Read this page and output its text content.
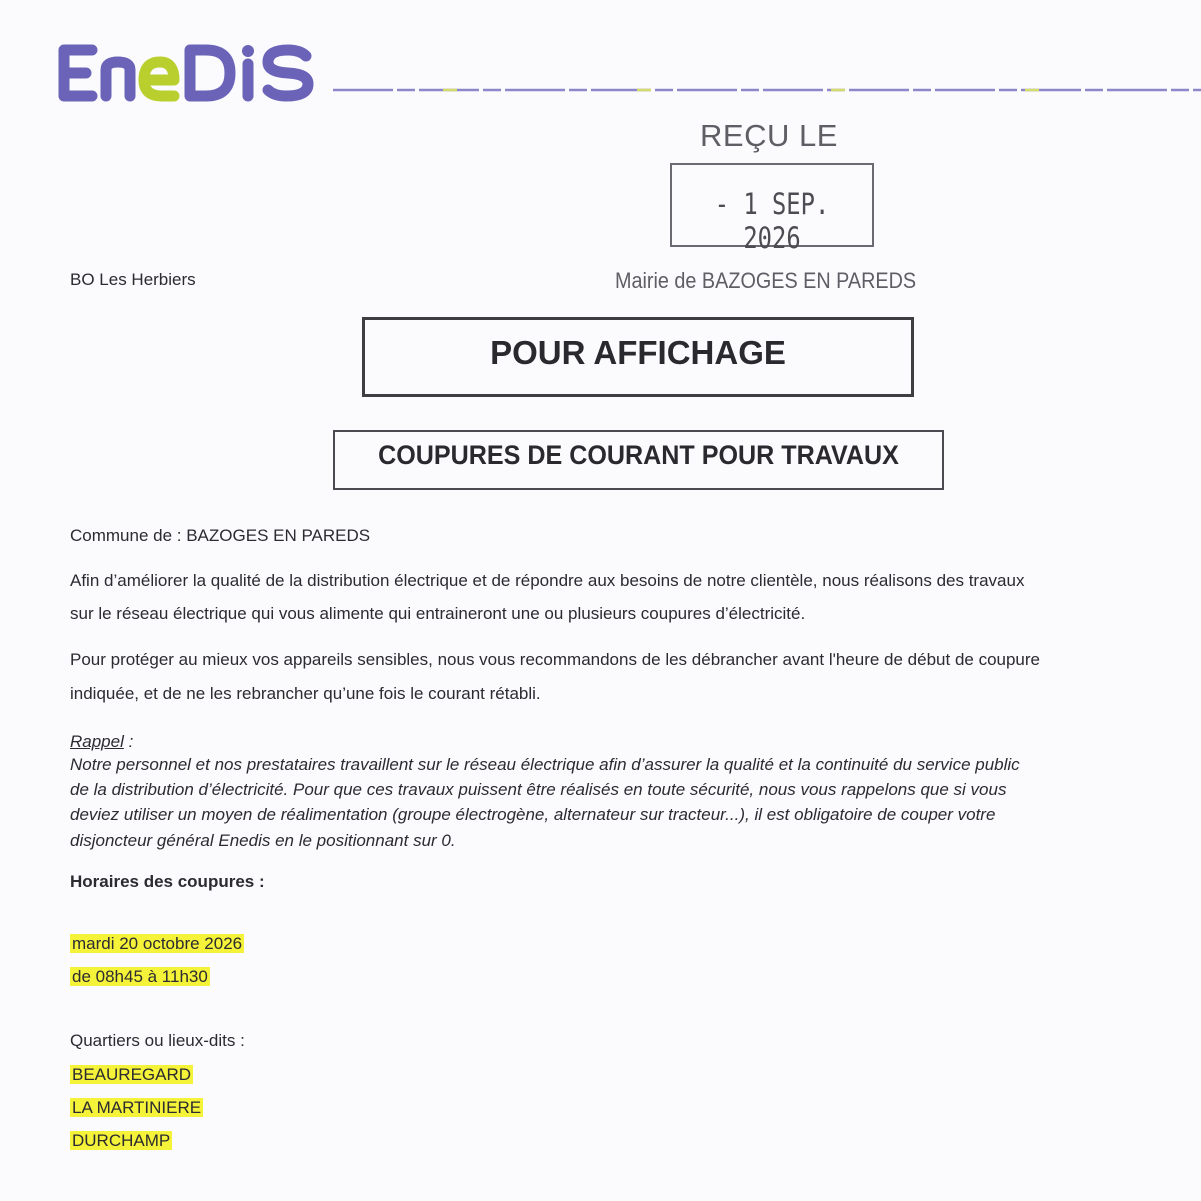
REÇU LE
- 1 SEP. 2026
Mairie de BAZOGES EN PAREDS
BO Les Herbiers
POUR AFFICHAGE
COUPURES DE COURANT POUR TRAVAUX
Commune de : BAZOGES EN PAREDS
Afin d’améliorer la qualité de la distribution électrique et de répondre aux besoins de notre clientèle, nous réalisons des travaux
sur le réseau électrique qui vous alimente qui entraineront une ou plusieurs coupures d’électricité.
Pour protéger au mieux vos appareils sensibles, nous vous recommandons de les débrancher avant l'heure de début de coupure
indiquée, et de ne les rebrancher qu’une fois le courant rétabli.
Rappel :
Notre personnel et nos prestataires travaillent sur le réseau électrique afin d’assurer la qualité et la continuité du service public
de la distribution d’électricité. Pour que ces travaux puissent être réalisés en toute sécurité, nous vous rappelons que si vous
deviez utiliser un moyen de réalimentation (groupe électrogène, alternateur sur tracteur...), il est obligatoire de couper votre
disjoncteur général Enedis en le positionnant sur 0.
Horaires des coupures :
mardi 20 octobre 2026
de 08h45 à 11h30
Quartiers ou lieux-dits :
BEAUREGARD
LA MARTINIERE
DURCHAMP
